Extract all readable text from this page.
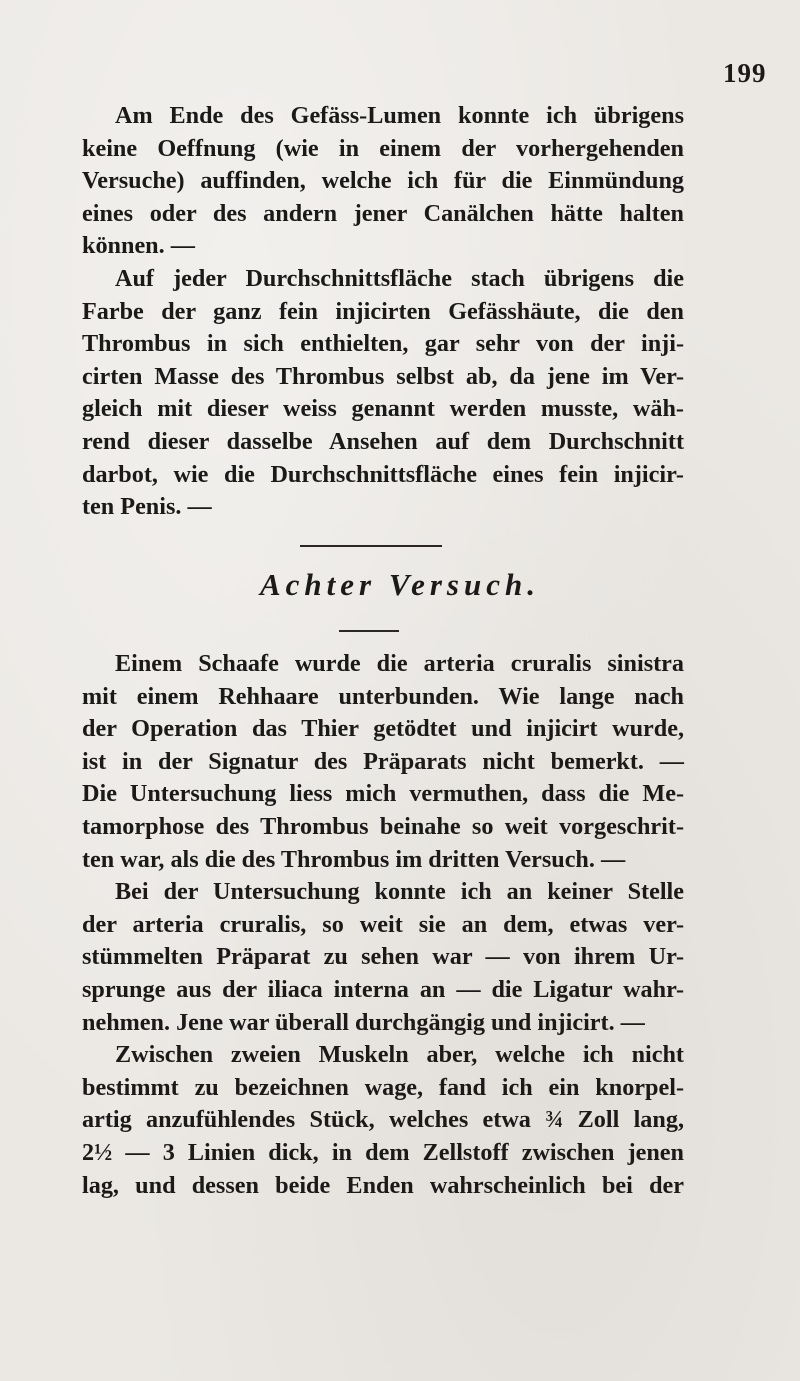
199

Am Ende des Gefäss-Lumen konnte ich übrigens
keine Oeffnung (wie in einem der vorhergehenden
Versuche) auffinden, welche ich für die Einmündung
eines oder des andern jener Canälchen hätte halten
können. —

Auf jeder Durchschnittsfläche stach übrigens die
Farbe der ganz fein injicirten Gefässhäute, die den
Thrombus in sich enthielten, gar sehr von der inji-
cirten Masse des Thrombus selbst ab, da jene im Ver-
gleich mit dieser weiss genannt werden musste, wäh-
rend dieser dasselbe Ansehen auf dem Durchschnitt
darbot, wie die Durchschnittsfläche eines fein injicir-
ten Penis. —

Achter Versuch.

Einem Schaafe wurde die arteria cruralis sinistra
mit einem Rehhaare unterbunden. Wie lange nach
der Operation das Thier getödtet und injicirt wurde,
ist in der Signatur des Präparats nicht bemerkt. —
Die Untersuchung liess mich vermuthen, dass die Me-
tamorphose des Thrombus beinahe so weit vorgeschrit-
ten war, als die des Thrombus im dritten Versuch. —

Bei der Untersuchung konnte ich an keiner Stelle
der arteria cruralis, so weit sie an dem, etwas ver-
stümmelten Präparat zu sehen war — von ihrem Ur-
sprunge aus der iliaca interna an — die Ligatur wahr-
nehmen. Jene war überall durchgängig und injicirt. —

Zwischen zweien Muskeln aber, welche ich nicht
bestimmt zu bezeichnen wage, fand ich ein knorpel-
artig anzufühlendes Stück, welches etwa ¾ Zoll lang,
2½ — 3 Linien dick, in dem Zellstoff zwischen jenen
lag, und dessen beide Enden wahrscheinlich bei der
